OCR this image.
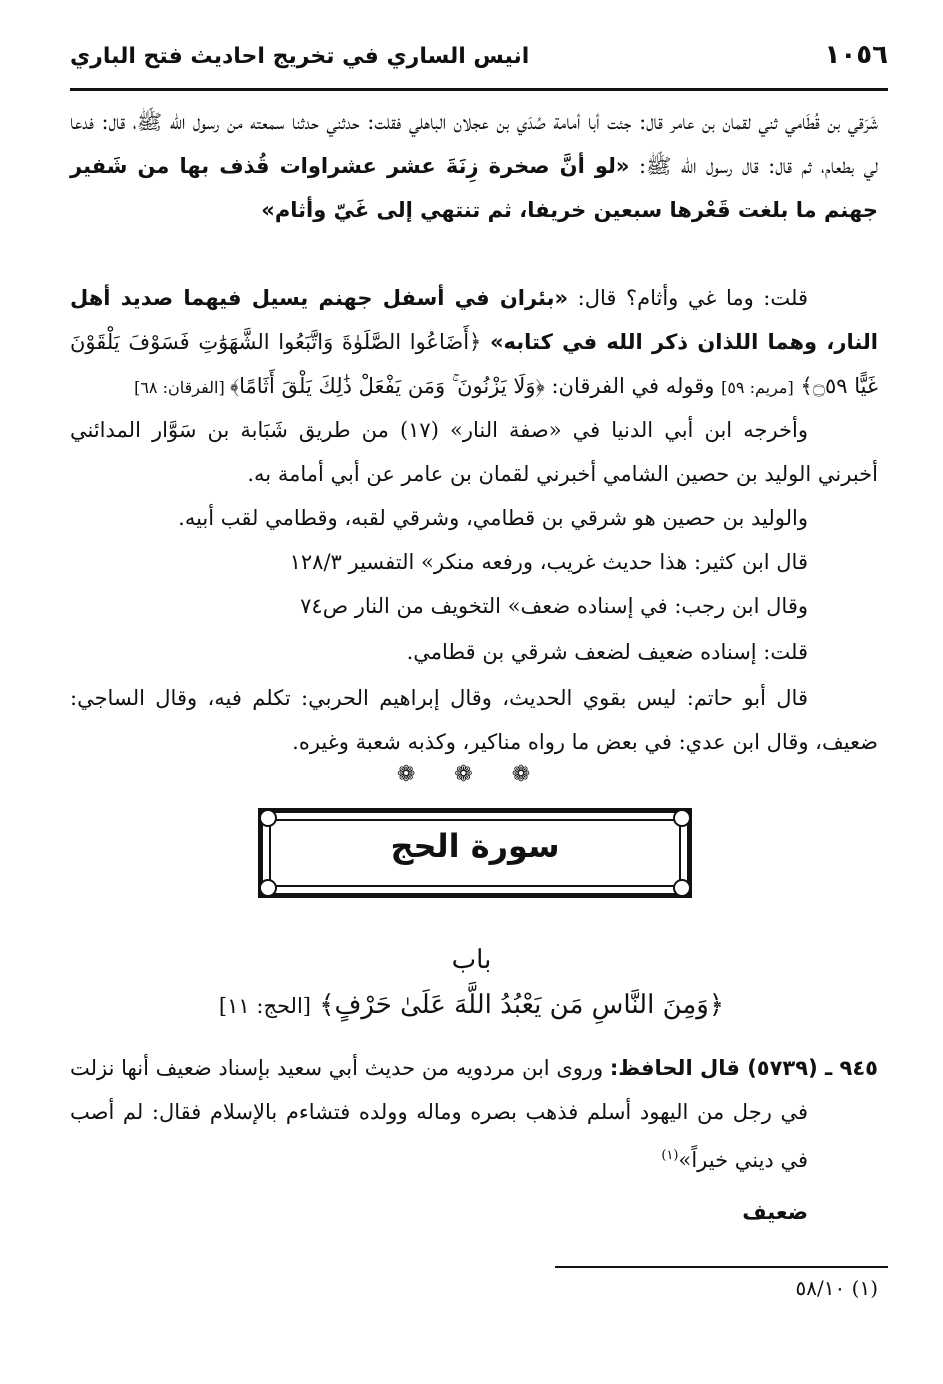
١٠٥٦
انيس الساري في تخريج احاديث فتح الباري

شَرَقي بن قُطَامي ثني لقمان بن عامر قال: جئت أبا أمامة صُدَي بن عجلان الباهلي فقلت: حدثني حدثنا سمعته من رسول الله ﷺ، قال: فدعا لي بطعام، ثم قال: قال رسول الله ﷺ: «لو أنَّ صخرة زِنَةَ عشر عشراوات قُذف بها من شَفير جهنم ما بلغت قَعْرها سبعين خريفا، ثم تنتهي إلى غَيّ وأثام»

قلت: وما غي وأثام؟ قال: «بئران في أسفل جهنم يسيل فيهما صديد أهل النار، وهما اللذان ذكر الله في كتابه» ﴿أَضَاعُوا الصَّلَوٰةَ وَاتَّبَعُوا الشَّهَوَٰتِ فَسَوْفَ يَلْقَوْنَ غَيًّا ۝٥٩﴾ [مريم: ٥٩] وقوله في الفرقان: ﴿وَلَا يَزْنُونَ ۚ وَمَن يَفْعَلْ ذَٰلِكَ يَلْقَ أَثَامًا﴾ [الفرقان: ٦٨]

وأخرجه ابن أبي الدنيا في «صفة النار» (١٧) من طريق شَبَابة بن سَوَّار المدائني أخبرني الوليد بن حصين الشامي أخبرني لقمان بن عامر عن أبي أمامة به.

والوليد بن حصين هو شرقي بن قطامي، وشرقي لقبه، وقطامي لقب أبيه.

قال ابن كثير: هذا حديث غريب، ورفعه منكر» التفسير ١٢٨/٣

وقال ابن رجب: في إسناده ضعف» التخويف من النار ص٧٤

قلت: إسناده ضعيف لضعف شرقي بن قطامي.

قال أبو حاتم: ليس بقوي الحديث، وقال إبراهيم الحربي: تكلم فيه، وقال الساجي: ضعيف، وقال ابن عدي: في بعض ما رواه مناكير، وكذبه شعبة وغيره.

❁ ❁ ❁
سورة الحج
باب
﴿وَمِنَ النَّاسِ مَن يَعْبُدُ اللَّهَ عَلَىٰ حَرْفٍ﴾ [الحج: ١١]

٩٤٥ ـ (٥٧٣٩) قال الحافظ: وروى ابن مردويه من حديث أبي سعيد بإسناد ضعيف أنها نزلت في رجل من اليهود أسلم فذهب بصره وماله وولده فتشاءم بالإسلام فقال: لم أصب في ديني خيراً»$^{(١)}$

ضعيف

(١) ٥٨/١٠
